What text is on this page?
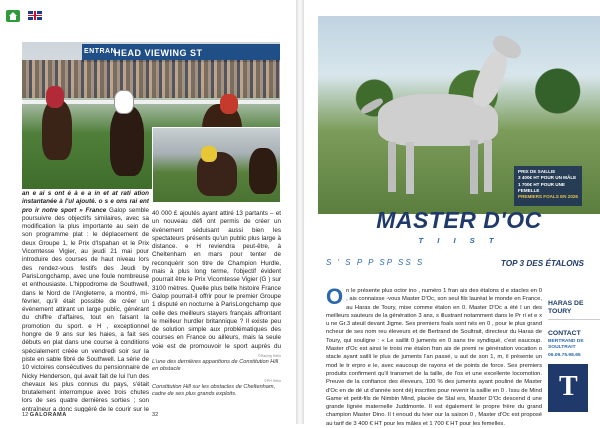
HEAD VIEWING ST
ENTRAN
an e ai s ont é à e a in et at rati ation instantanée à l'ul ajouté. o s e ons rai ent pro ir notre sport » France Galop semble poursuivre des objectifs similaires, avec sa modification la plus importante au sein de son programme plat : le déplacement de deux Groupe 1, le Prix d'Ispahan et le Prix Vicomtesse Vigier, au jeudi 21 mai pour introduire des courses de haut niveau lors des rendez-vous festifs des Jeudi by ParisLongchamp, avec une foule nombreuse et enthousiaste. L'hippodrome de Southwell, dans le Nord de l'Angleterre, a montré, mi-février, qu'il était possible de créer un événement attirant un large public, générant du chiffre d'affaires, tout en faisant la promotion du sport. e H , exceptionnel hongre de 9 ans sur les haies, a fait ses débuts en plat dans une course à conditions spécialement créée un vendredi soir sur la piste en sable fibré de Southwell. La série de 10 victoires consécutives du pensionnaire de Nicky Henderson, qui avait fait de lui l'un des chevaux les plus connus du pays, s'était brutalement interrompue avec trois chutes lors de ses quatre dernières sorties ; son entraîneur a donc suggéré de le courir sur le
40 000 £ ajoutés ayant attiré 13 partants – et un nouveau défi ont permis de créer un événement séduisant aussi bien les spectateurs présents qu'un public plus large à distance. e H reviendra peut-être, à Cheltenham en mars pour tenter de reconquérir son titre de Champion Hurdle, mais à plus long terme, l'objectif évident pourrait être le Prix Vicomtesse Vigier (G ) sur 3100 mètres. Quelle plus belle histoire France Galop pourrait-il offrir pour le premier Groupe 1 disputé en nocturne à ParisLongchamp que celle des meilleurs stayers français affrontant le meilleur hurdler britannique ? Il existe peu de solution simple aux problématiques des courses en France ou ailleurs, mais la seule voie est de promouvoir le sport auprès du
©Racing Hélio
L'une des dernières apparitions de Constitution Hill en obstacle
©PH Hélio
Constitution Hill sur les obstacles de Cheltenham, cadre de ses plus grands exploits.
12 GALORAMA	32
PRIX DE SAILLIE
3 400€ HT POUR UN MÂLE
1 700€ HT POUR UNE FEMELLE
PREMIERS FOALS EN 2026
MASTER D'OC
T I I S T
S ' S P P SP SS S	TOP 3 DES ÉTALONS
O n le présente plus octor ino , numéro 1 fran ais des étalons d e stacles en 0 , ais connaisse -vous Master D'Oc, son seul fils lauréat le monde en France, au Haras de Toury, mise comme étalon en 0. Master D'Oc a été l un des meilleurs sauteurs de la génération 3 ans, s illustrant notamment dans le Pr ri et e x u ne Gr.3 ateuil devant Jigme. Ses premiers foals sont nés en 0 , pour le plus grand ncheur de ses nom reu éleveurs et de Bertrand de Soultrait, directeur du Haras de Toury, qui souligne : « Le saillit 0 juments en 0 sans tre syndiqué, c'est eaucoup. Master d'Oc est ainsi le troisi me étalon fran ais de premi re génération vocation o stacle ayant sailli le plus de juments l'an passé, u aut de son 1, m, il présente un mod le tr erpro e le, avec eaucoup de rayons et de points de force. Ses premiers produits confirment qu'il transmet de la taille, de l'os et une excellente locomotion. Preuve de la confiance des éleveurs, 100 % des juments ayant pouliné de Master d'Oc en de dé ut d'année sont déj inscrites pour revenir la saillie en 0 . Issu de Mind Game et petit-fils de Nimbin Mind, placée de Stal ers, Master D'Oc descend d une grande lignée maternelle Juddmonte. Il est également le propre frère du grand champion Master Dino. Il t enoud du lvier our la saison 0 , Master d'Oc est proposé au tarif de 3 400 € HT pour les mâles et 1 700 € HT pour les femelles.
HARAS DE TOURY
CONTACT
BERTRAND DE SOULTRAIT
06.09.75.98.65
T
